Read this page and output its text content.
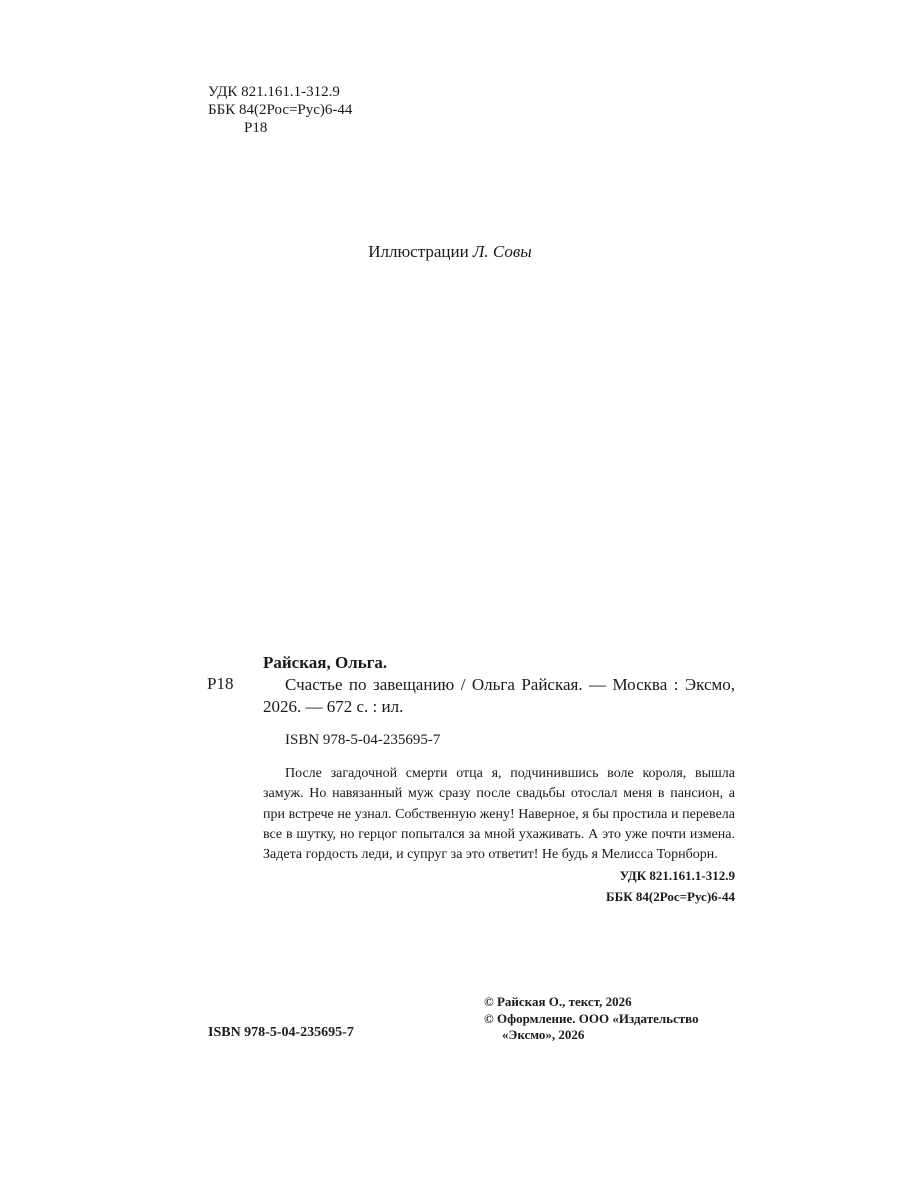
УДК 821.161.1-312.9
ББК 84(2Рос=Рус)6-44
Р18
Иллюстрации Л. Совы
Р18

Райская, Ольга.

Счастье по завещанию / Ольга Райская. — Москва : Эксмо, 2026. — 672 с. : ил.

ISBN 978-5-04-235695-7

После загадочной смерти отца я, подчинившись воле короля, вышла замуж. Но навязанный муж сразу после свадьбы отослал меня в пансион, а при встрече не узнал. Собственную жену! Наверное, я бы простила и перевела все в шутку, но герцог попытался за мной ухаживать. А это уже почти измена. Задета гордость леди, и супруг за это ответит! Не будь я Мелисса Торнборн.

УДК 821.161.1-312.9
ББК 84(2Рос=Рус)6-44
ISBN 978-5-04-235695-7
© Райская О., текст, 2026
© Оформление. ООО «Издательство
«Эксмо», 2026
